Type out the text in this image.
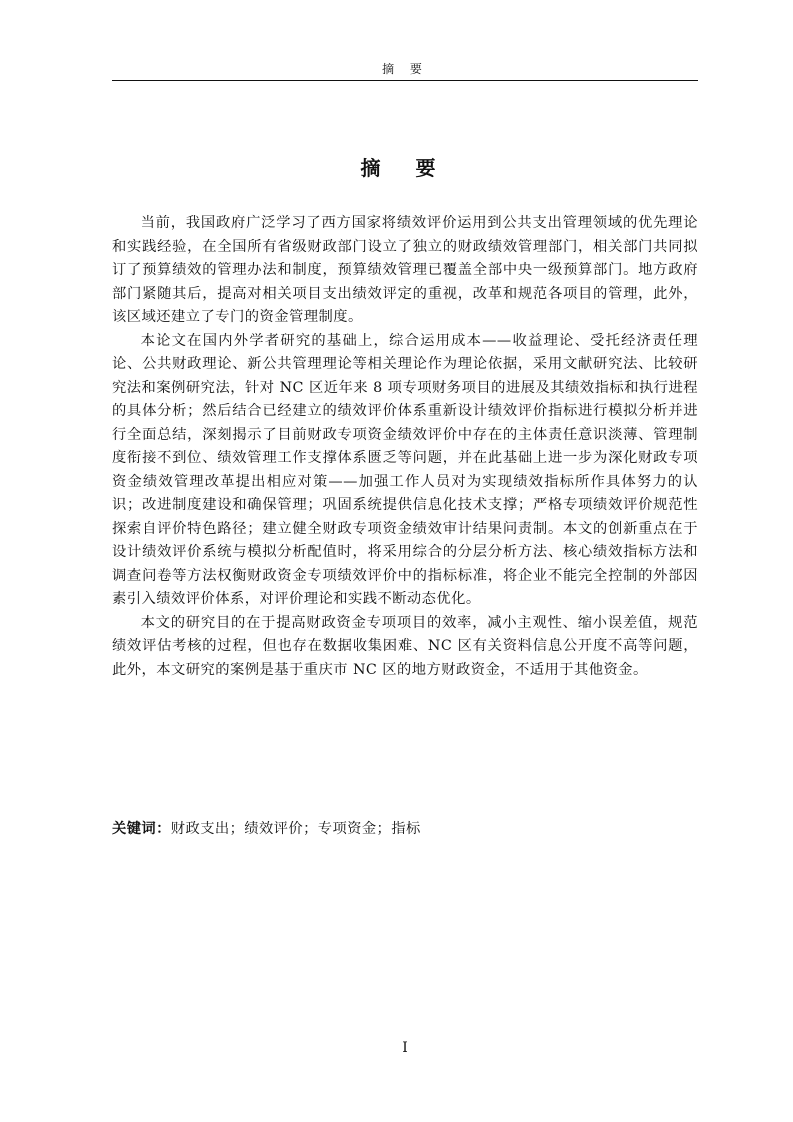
摘 要
摘 要

当前，我国政府广泛学习了西方国家将绩效评价运用到公共支出管理领域的优先理论和实践经验，在全国所有省级财政部门设立了独立的财政绩效管理部门，相关部门共同拟订了预算绩效的管理办法和制度，预算绩效管理已覆盖全部中央一级预算部门。地方政府部门紧随其后，提高对相关项目支出绩效评定的重视，改革和规范各项目的管理，此外，该区域还建立了专门的资金管理制度。

本论文在国内外学者研究的基础上，综合运用成本——收益理论、受托经济责任理论、公共财政理论、新公共管理理论等相关理论作为理论依据，采用文献研究法、比较研究法和案例研究法，针对 NC 区近年来 8 项专项财务项目的进展及其绩效指标和执行进程的具体分析；然后结合已经建立的绩效评价体系重新设计绩效评价指标进行模拟分析并进行全面总结，深刻揭示了目前财政专项资金绩效评价中存在的主体责任意识淡薄、管理制度衔接不到位、绩效管理工作支撑体系匮乏等问题，并在此基础上进一步为深化财政专项资金绩效管理改革提出相应对策——加强工作人员对为实现绩效指标所作具体努力的认识；改进制度建设和确保管理；巩固系统提供信息化技术支撑；严格专项绩效评价规范性探索自评价特色路径；建立健全财政专项资金绩效审计结果问责制。本文的创新重点在于设计绩效评价系统与模拟分析配值时，将采用综合的分层分析方法、核心绩效指标方法和调查问卷等方法权衡财政资金专项绩效评价中的指标标准，将企业不能完全控制的外部因素引入绩效评价体系，对评价理论和实践不断动态优化。

本文的研究目的在于提高财政资金专项项目的效率，减小主观性、缩小误差值，规范绩效评估考核的过程，但也存在数据收集困难、NC 区有关资料信息公开度不高等问题，此外，本文研究的案例是基于重庆市 NC 区的地方财政资金，不适用于其他资金。

关键词：财政支出；绩效评价；专项资金；指标
I
